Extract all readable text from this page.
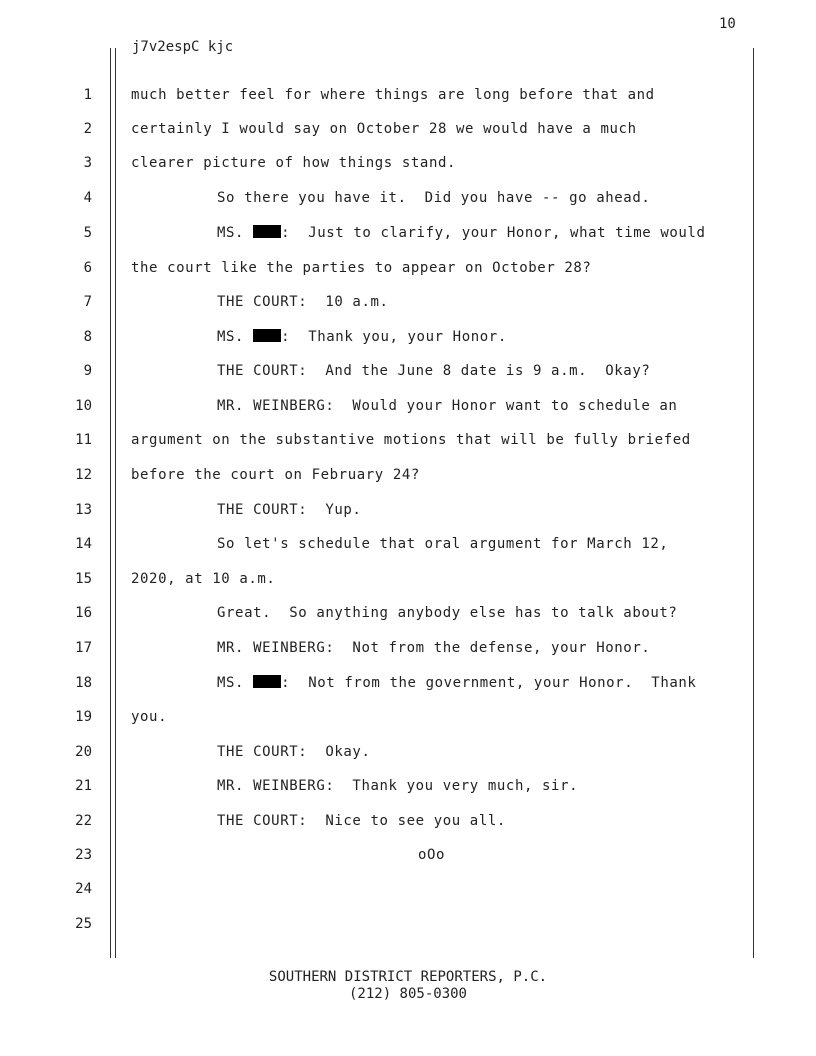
10
j7v2espC kjc
1	much better feel for where things are long before that and
2	certainly I would say on October 28 we would have a much
3	clearer picture of how things stand.
4	So there you have it.  Did you have -- go ahead.
5	MS.	:  Just to clarify, your Honor, what time would
6	the court like the parties to appear on October 28?
7	THE COURT:  10 a.m.
8	MS.	:  Thank you, your Honor.
9	THE COURT:  And the June 8 date is 9 a.m.  Okay?
10	MR. WEINBERG:  Would your Honor want to schedule an
11	argument on the substantive motions that will be fully briefed
12	before the court on February 24?
13	THE COURT:  Yup.
14	So let's schedule that oral argument for March 12,
15	2020, at 10 a.m.
16	Great.  So anything anybody else has to talk about?
17	MR. WEINBERG:  Not from the defense, your Honor.
18	MS.	:  Not from the government, your Honor.  Thank
19	you.
20	THE COURT:  Okay.
21	MR. WEINBERG:  Thank you very much, sir.
22	THE COURT:  Nice to see you all.
23	oOo
24
25
SOUTHERN DISTRICT REPORTERS, P.C.
(212) 805-0300
